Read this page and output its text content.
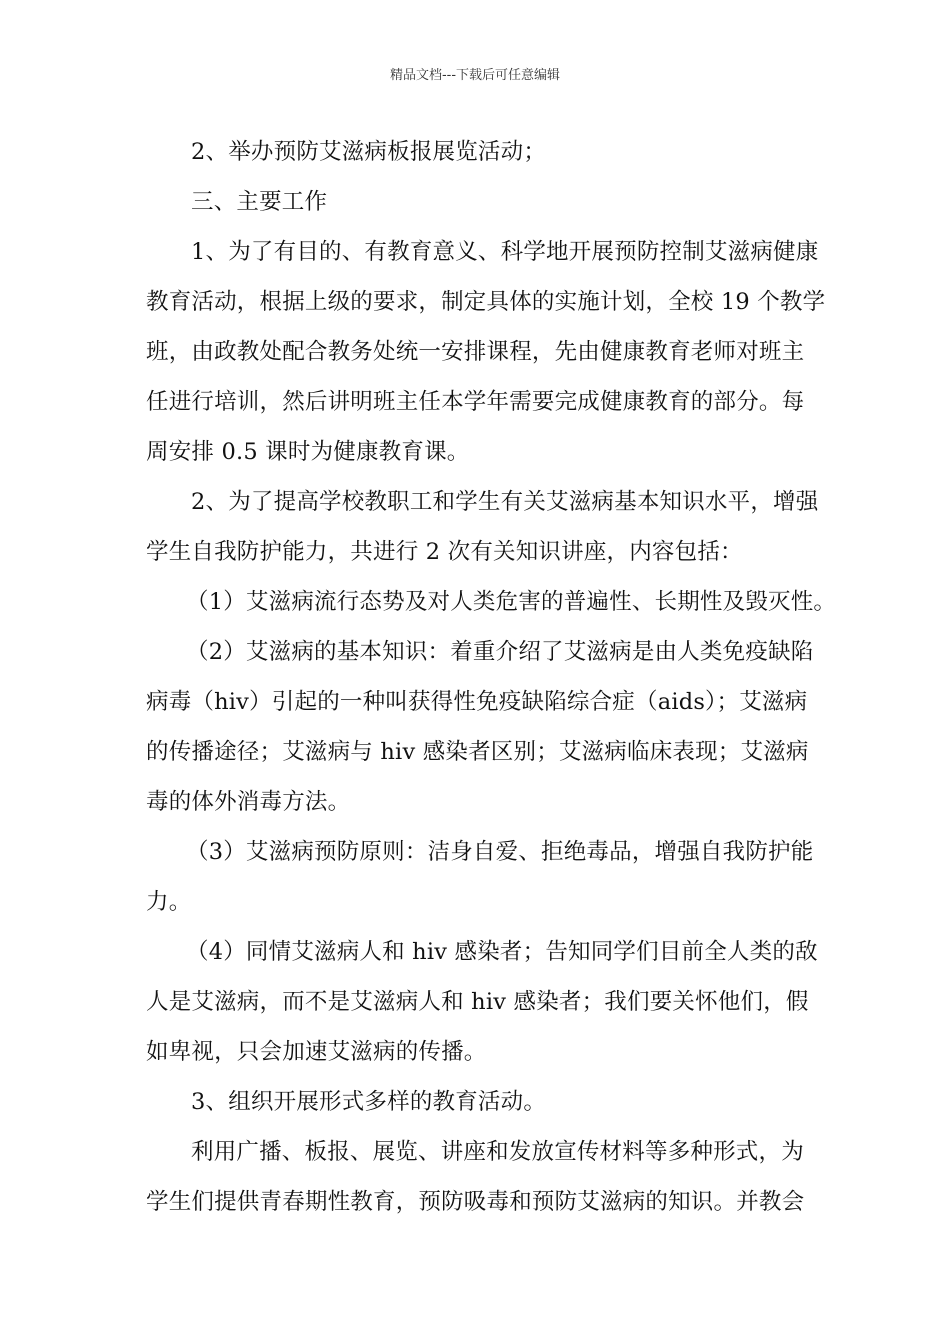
精品文档---下载后可任意编辑
2、举办预防艾滋病板报展览活动；
三、主要工作
1、为了有目的、有教育意义、科学地开展预防控制艾滋病健康
教育活动，根据上级的要求，制定具体的实施计划，全校 19 个教学
班，由政教处配合教务处统一安排课程，先由健康教育老师对班主
任进行培训，然后讲明班主任本学年需要完成健康教育的部分。每
周安排 0.5 课时为健康教育课。
2、为了提高学校教职工和学生有关艾滋病基本知识水平，增强
学生自我防护能力，共进行 2 次有关知识讲座，内容包括：
（1）艾滋病流行态势及对人类危害的普遍性、长期性及毁灭性。
（2）艾滋病的基本知识：着重介绍了艾滋病是由人类免疫缺陷
病毒（hiv）引起的一种叫获得性免疫缺陷综合症（aids）；艾滋病
的传播途径；艾滋病与 hiv 感染者区别；艾滋病临床表现；艾滋病
毒的体外消毒方法。
（3）艾滋病预防原则：洁身自爱、拒绝毒品，增强自我防护能
力。
（4）同情艾滋病人和 hiv 感染者；告知同学们目前全人类的敌
人是艾滋病，而不是艾滋病人和 hiv 感染者；我们要关怀他们，假
如卑视，只会加速艾滋病的传播。
3、组织开展形式多样的教育活动。
利用广播、板报、展览、讲座和发放宣传材料等多种形式，为
学生们提供青春期性教育，预防吸毒和预防艾滋病的知识。并教会
